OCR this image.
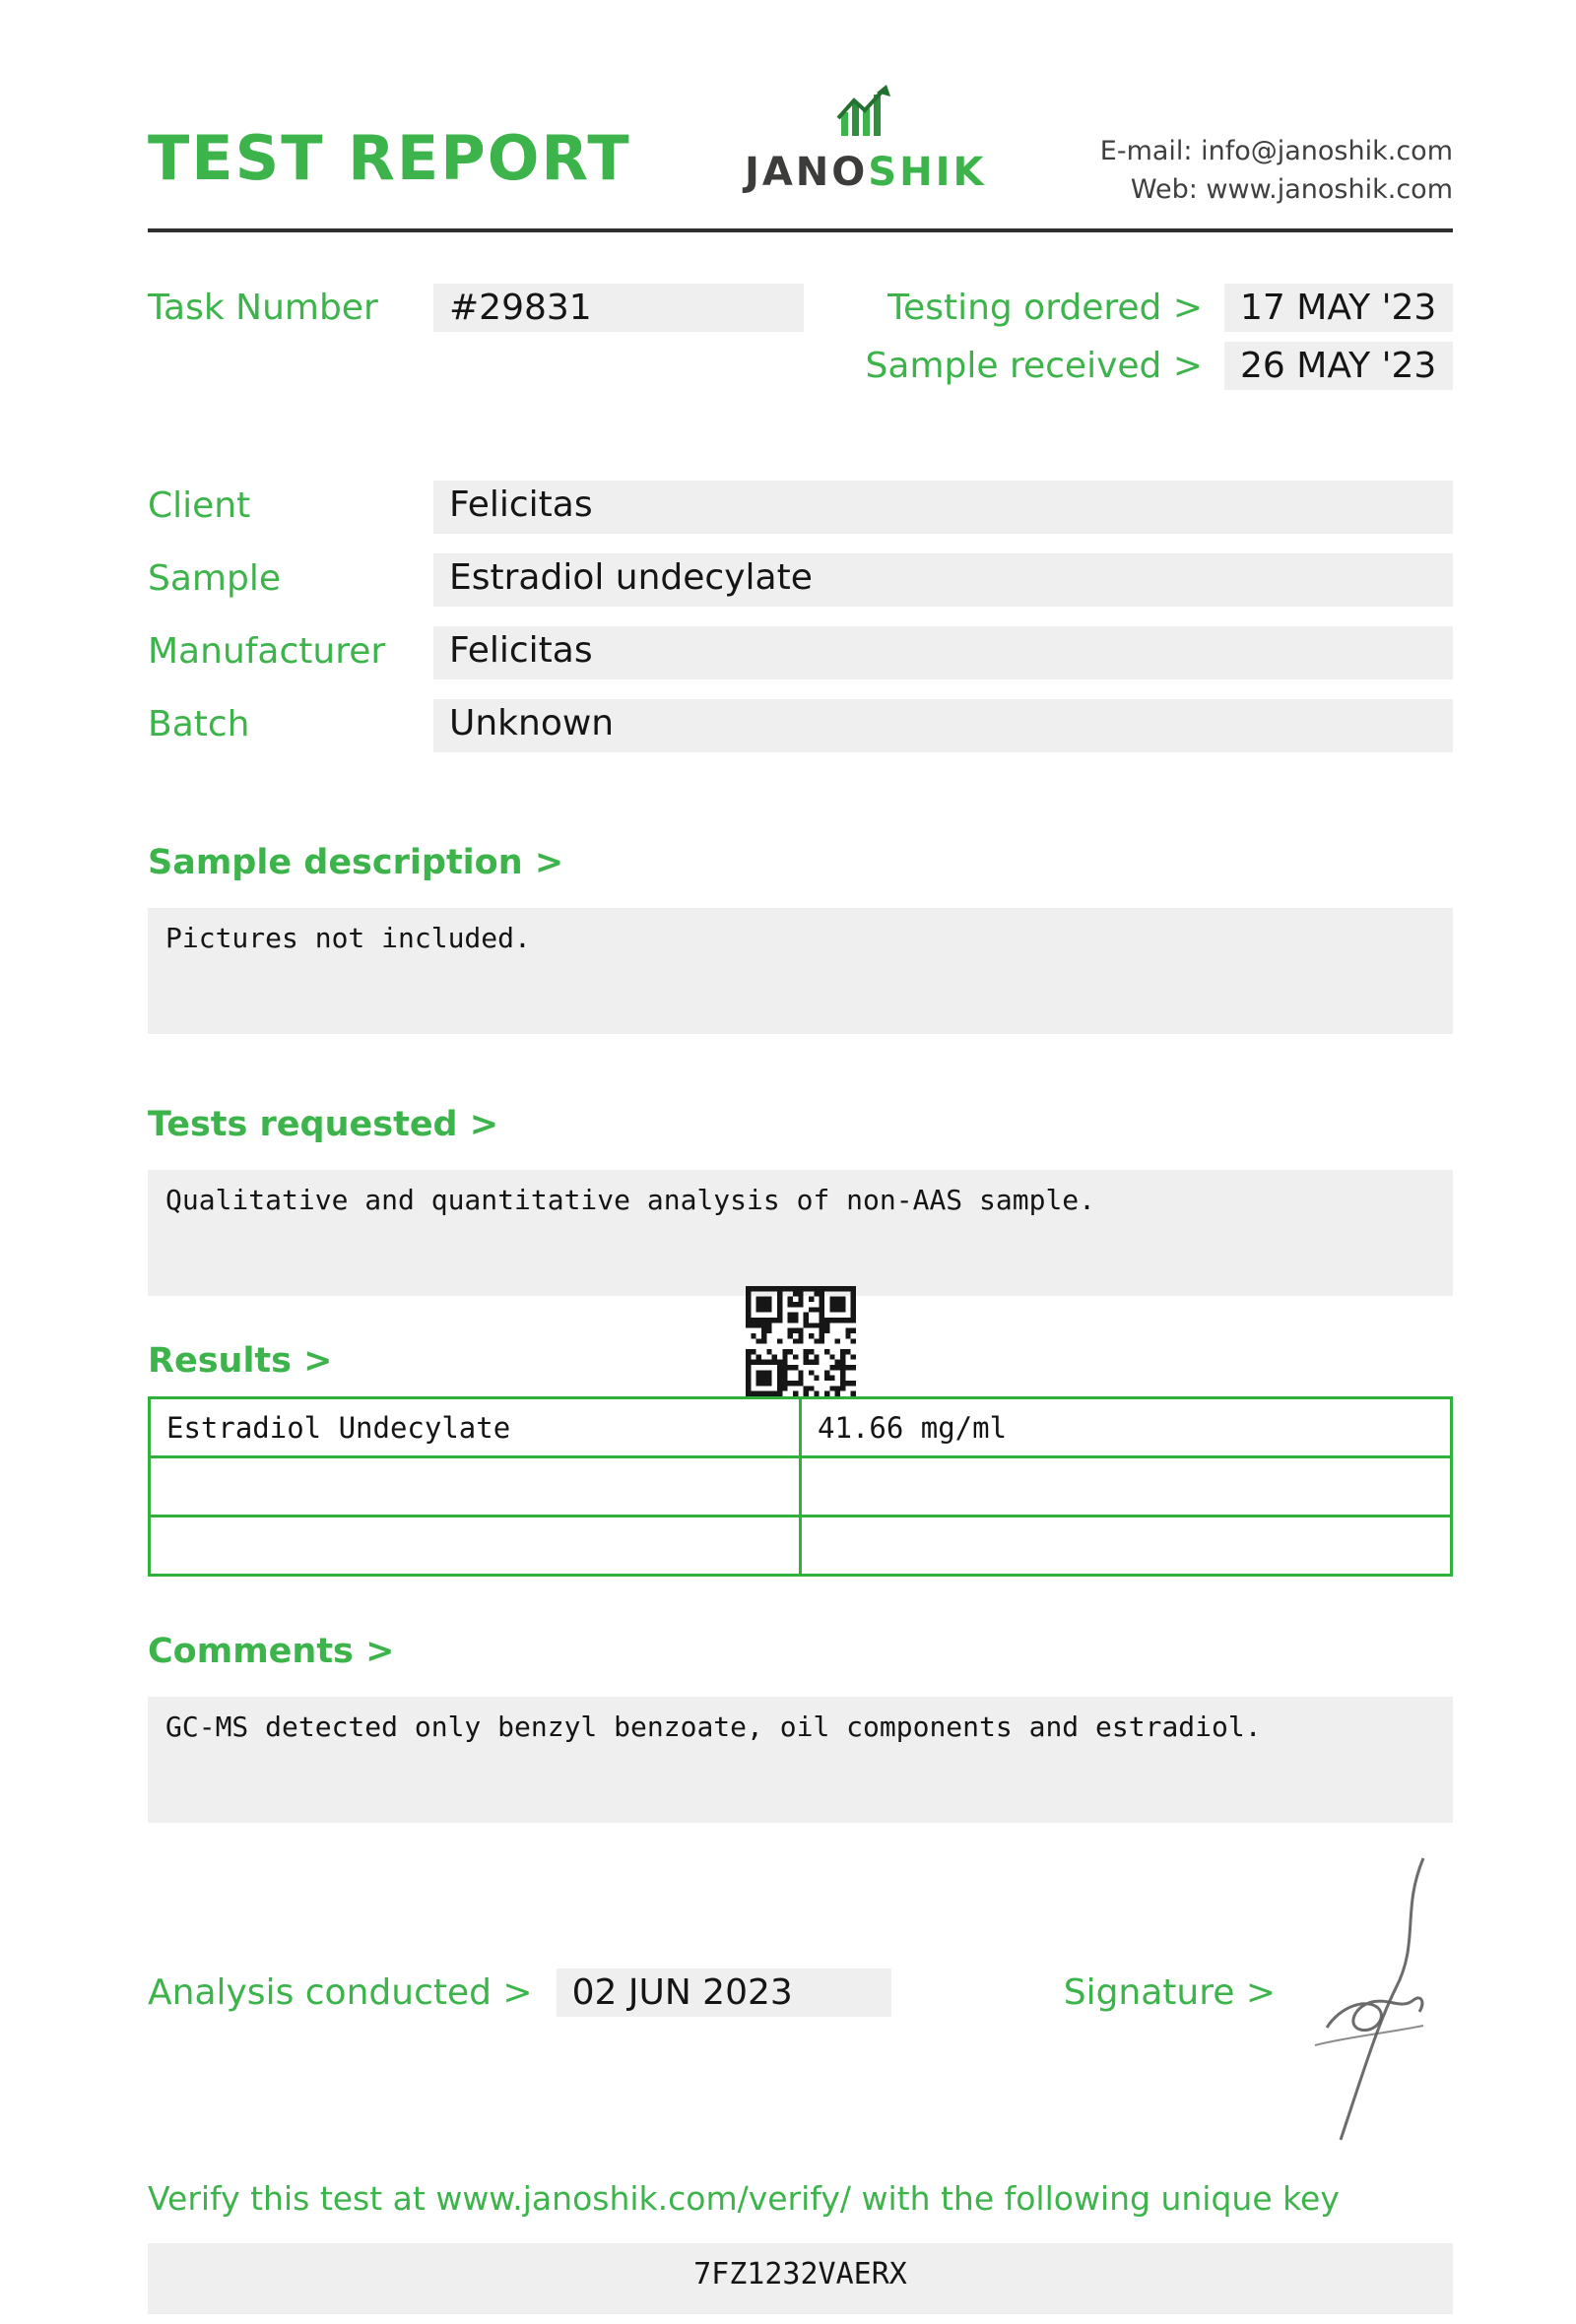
TEST REPORT	JANOSHIK	E-mail: info@janoshik.com
Web: www.janoshik.com
Task Number	#29831	Testing ordered >	17 MAY '23
Sample received >	26 MAY '23
Client	Felicitas
Sample	Estradiol undecylate
Manufacturer	Felicitas
Batch	Unknown
Sample description >
Pictures not included.
Tests requested >
Qualitative and quantitative analysis of non-AAS sample.
Results >
Estradiol Undecylate	41.66 mg/ml

Comments >
GC-MS detected only benzyl benzoate, oil components and estradiol.
Analysis conducted >	02 JUN 2023	Signature >
Verify this test at www.janoshik.com/verify/ with the following unique key
7FZ1232VAERX
